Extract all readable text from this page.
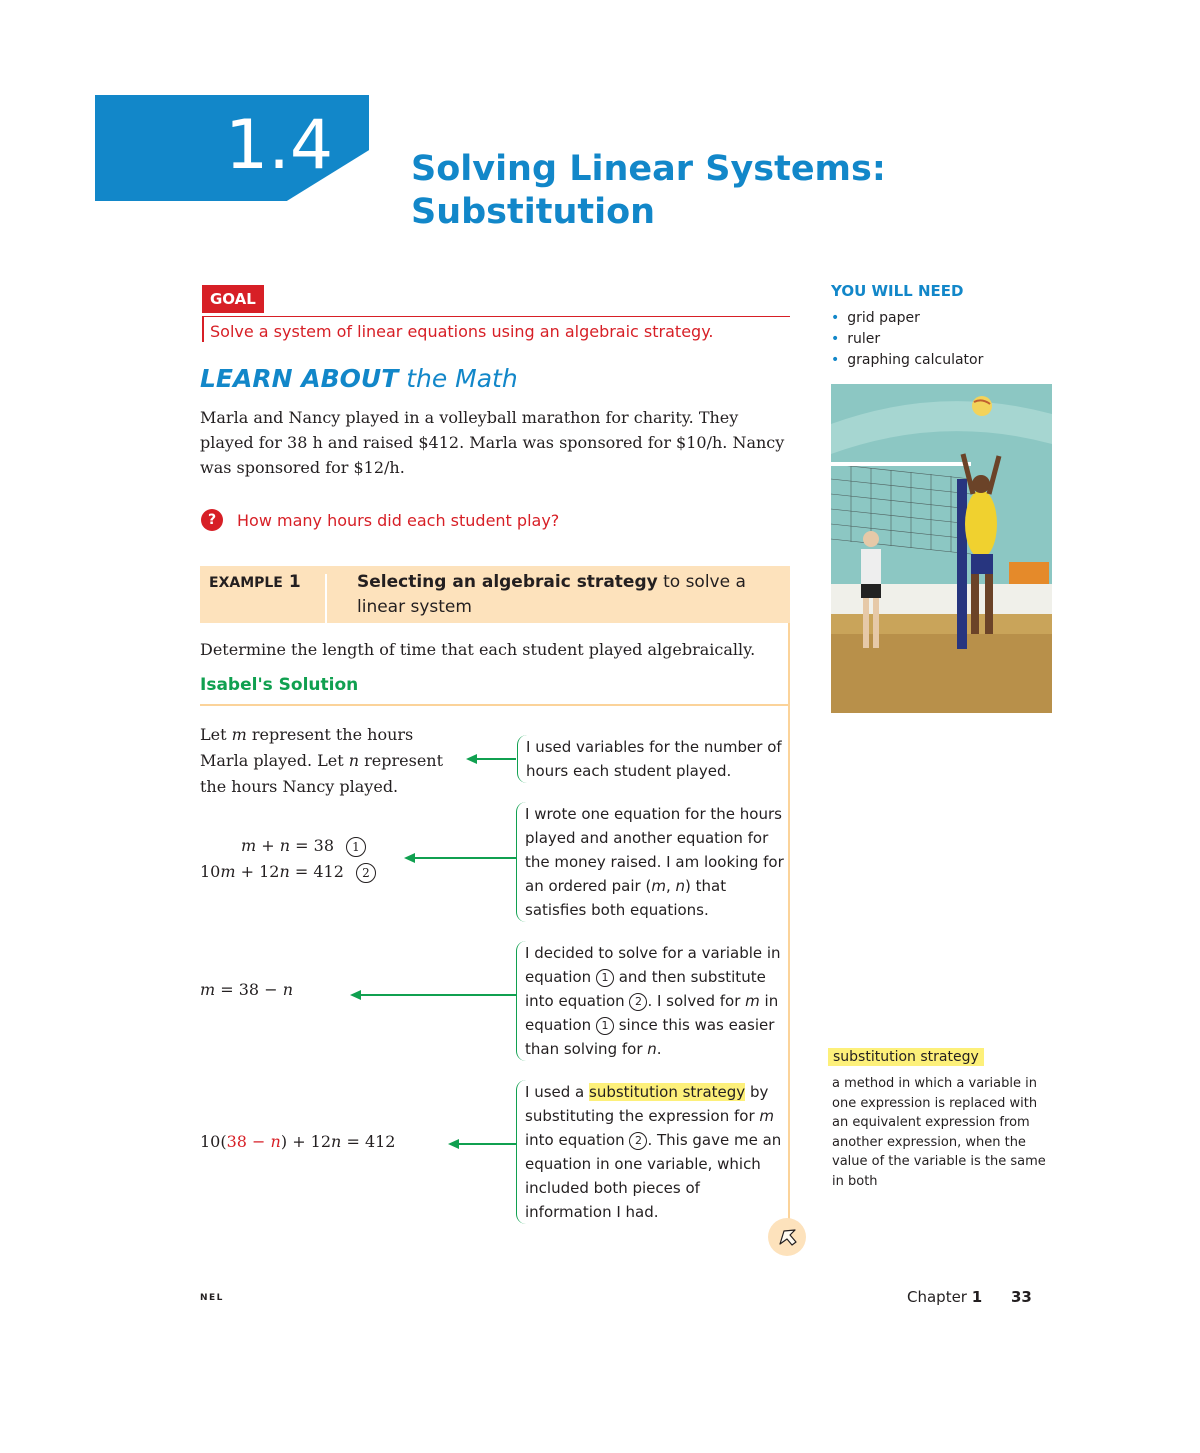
1.4 Solving Linear Systems:
Substitution
GOAL
Solve a system of linear equations using an algebraic strategy.
LEARN ABOUT the Math
Marla and Nancy played in a volleyball marathon for charity. They played for 38 h and raised $412. Marla was sponsored for $10/h. Nancy was sponsored for $12/h.
?	How many hours did each student play?
EXAMPLE 1	Selecting an algebraic strategy to solve a linear system
Determine the length of time that each student played algebraically.
Isabel's Solution
Let m represent the hours Marla played. Let n represent the hours Nancy played.
m + n = 38 1
10m + 12n = 412 2
m = 38 − n
10(38 − n) + 12n = 412
I used variables for the number of hours each student played.
I wrote one equation for the hours played and another equation for the money raised. I am looking for an ordered pair (m, n) that satisfies both equations.
I decided to solve for a variable in equation 1 and then substitute into equation 2 . I solved for m in equation 1 since this was easier than solving for n.
I used a substitution strategy by substituting the expression for m into equation 2 . This gave me an equation in one variable, which included both pieces of information I had.
YOU WILL NEED
• grid paper
• ruler
• graphing calculator
substitution strategy
a method in which a variable in one expression is replaced with an equivalent expression from another expression, when the value of the variable is the same in both
NEL	Chapter 1 33
